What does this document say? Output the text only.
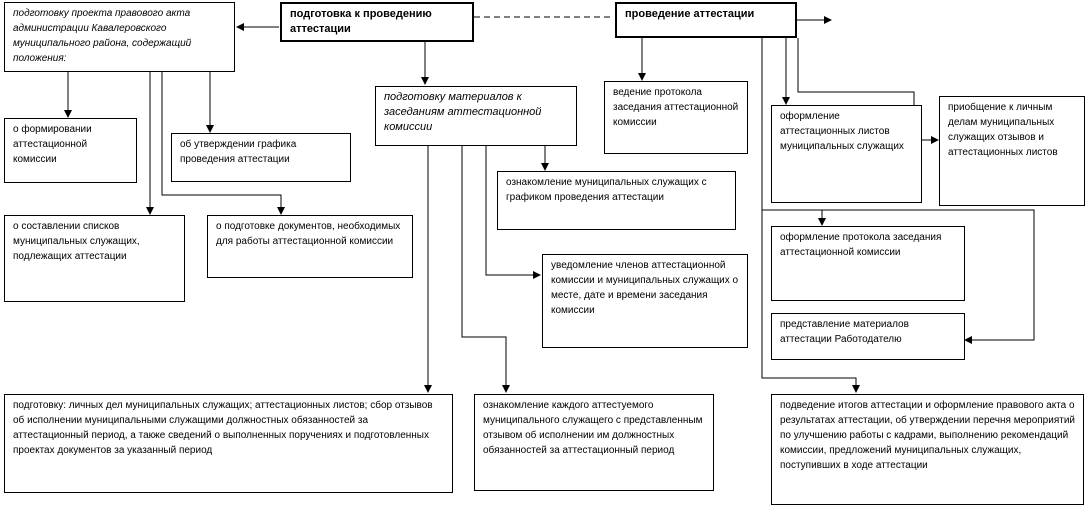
подготовку проекта правового акта администрации Кавалеровского муниципального района, содержащий положения:
подготовка к проведению аттестации
проведение аттестации
о формировании аттестационной комиссии
об утверждении графика проведения аттестации
о составлении списков муниципальных служащих, подлежащих аттестации
о подготовке документов, необходимых для работы аттестационной комиссии
подготовку материалов к заседаниям аттестационной комиссии
ведение протокола заседания аттестационной комиссии
оформление аттестационных листов муниципальных служащих
приобщение к личным делам муниципальных служащих отзывов и аттестационных листов
ознакомление муниципальных служащих с графиком проведения аттестации
оформление протокола заседания аттестационной комиссии
уведомление членов аттестационной комиссии и муниципальных служащих о месте, дате и времени заседания комиссии
представление материалов аттестации Работодателю
подготовку: личных дел муниципальных служащих; аттестационных листов; сбор отзывов об исполнении муниципальными служащими должностных обязанностей за аттестационный период, а также сведений о выполненных поручениях и подготовленных проектах документов за указанный период
ознакомление каждого аттестуемого муниципального служащего с представленным отзывом об исполнении им должностных обязанностей за аттестационный период
подведение итогов аттестации и оформление правового акта о результатах аттестации, об утверждении перечня мероприятий по улучшению работы с кадрами, выполнению рекомендаций комиссии, предложений муниципальных служащих, поступивших в ходе аттестации
